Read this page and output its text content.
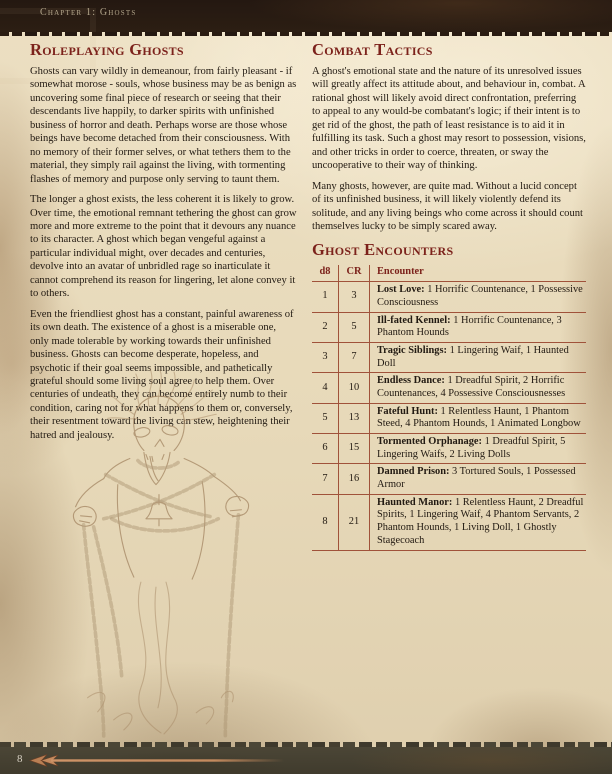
Chapter 1: Ghosts
Roleplaying Ghosts

Ghosts can vary wildly in demeanour, from fairly pleasant - if somewhat morose - souls, whose business may be as benign as uncovering some final piece of research or seeing that their descendants live happily, to darker spirits with unfinished business of horror and death. Perhaps worse are those whose beings have become detached from their consciousness. With no memory of their former selves, or what tethers them to the material, they simply rail against the living, with tormenting flashes of memory and purpose only serving to taunt them.

The longer a ghost exists, the less coherent it is likely to grow. Over time, the emotional remnant tethering the ghost can grow more and more extreme to the point that it devours any nuance to its character. A ghost which began vengeful against a particular individual might, over decades and centuries, devolve into an avatar of unbridled rage so inarticulate it cannot comprehend its reason for lingering, let alone convey it to others.

Even the friendliest ghost has a constant, painful awareness of its own death. The existence of a ghost is a miserable one, only made tolerable by working towards their unfinished business. Ghosts can become desperate, hopeless, and psychotic if their goal seems impossible, and pathetically grateful should some living soul agree to help them. Over centuries of undeath, they can become entirely numb to their condition, caring not for what happens to them or, conversely, their resentment toward the living can stew, heightening their hatred and jealousy.

Combat Tactics

A ghost's emotional state and the nature of its unresolved issues will greatly affect its attitude about, and behaviour in, combat. A rational ghost will likely avoid direct confrontation, preferring to appeal to any would-be combatant's logic; if their intent is to get rid of the ghost, the path of least resistance is to aid it in fulfilling its task. Such a ghost may resort to possession, visions, and other tricks in order to coerce, threaten, or sway the uncooperative to their way of thinking.

Many ghosts, however, are quite mad. Without a lucid concept of its unfinished business, it will likely violently defend its solitude, and any living beings who come across it should count themselves lucky to be simply scared away.

Ghost Encounters
d8	CR	Encounter
1	3	Lost Love: 1 Horrific Countenance, 1 Possessive Consciousness
2	5	Ill-fated Kennel: 1 Horrific Countenance, 3 Phantom Hounds
3	7	Tragic Siblings: 1 Lingering Waif, 1 Haunted Doll
4	10	Endless Dance: 1 Dreadful Spirit, 2 Horrific Countenances, 4 Possessive Consciousnesses
5	13	Fateful Hunt: 1 Relentless Haunt, 1 Phantom Steed, 4 Phantom Hounds, 1 Animated Longbow
6	15	Tormented Orphanage: 1 Dreadful Spirit, 5 Lingering Waifs, 2 Living Dolls
7	16	Damned Prison: 3 Tortured Souls, 1 Possessed Armor
8	21	Haunted Manor: 1 Relentless Haunt, 2 Dreadful Spirits, 1 Lingering Waif, 4 Phantom Servants, 2 Phantom Hounds, 1 Living Doll, 1 Ghostly Stagecoach
8
